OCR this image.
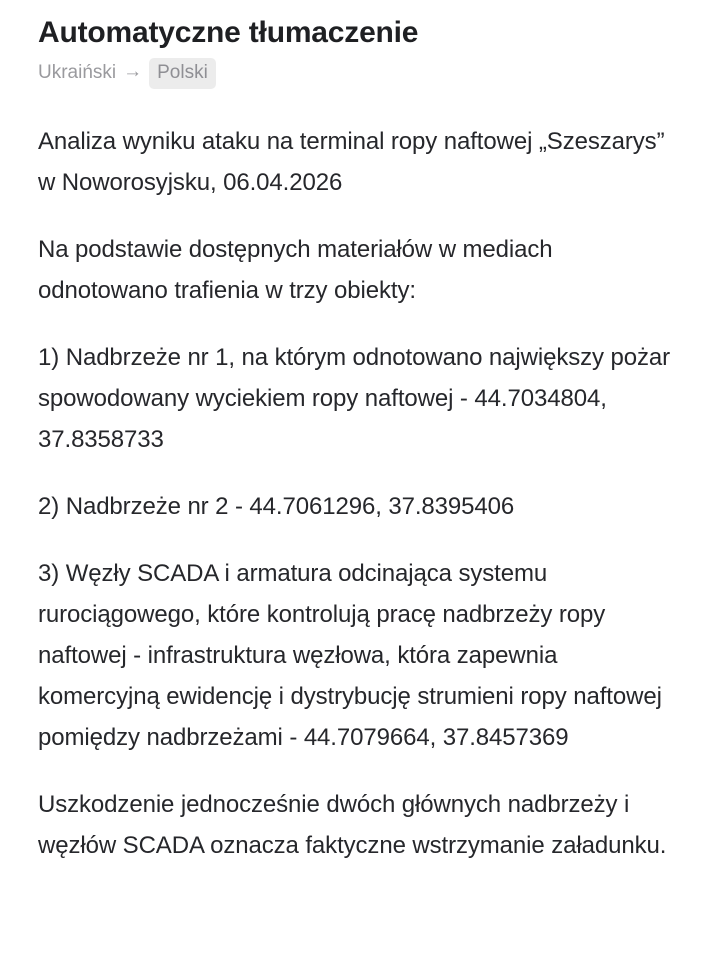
Automatyczne tłumaczenie
Ukraiński → Polski

Analiza wyniku ataku na terminal ropy naftowej „Szeszarys” w Noworosyjsku, 06.04.2026

Na podstawie dostępnych materiałów w mediach odnotowano trafienia w trzy obiekty:

1) Nadbrzeże nr 1, na którym odnotowano największy pożar spowodowany wyciekiem ropy naftowej - 44.7034804, 37.8358733

2) Nadbrzeże nr 2 - 44.7061296, 37.8395406

3) Węzły SCADA i armatura odcinająca systemu rurociągowego, które kontrolują pracę nadbrzeży ropy naftowej - infrastruktura węzłowa, która zapewnia komercyjną ewidencję i dystrybucję strumieni ropy naftowej pomiędzy nadbrzeżami - 44.7079664, 37.8457369

Uszkodzenie jednocześnie dwóch głównych nadbrzeży i węzłów SCADA oznacza faktyczne wstrzymanie załadunku.
